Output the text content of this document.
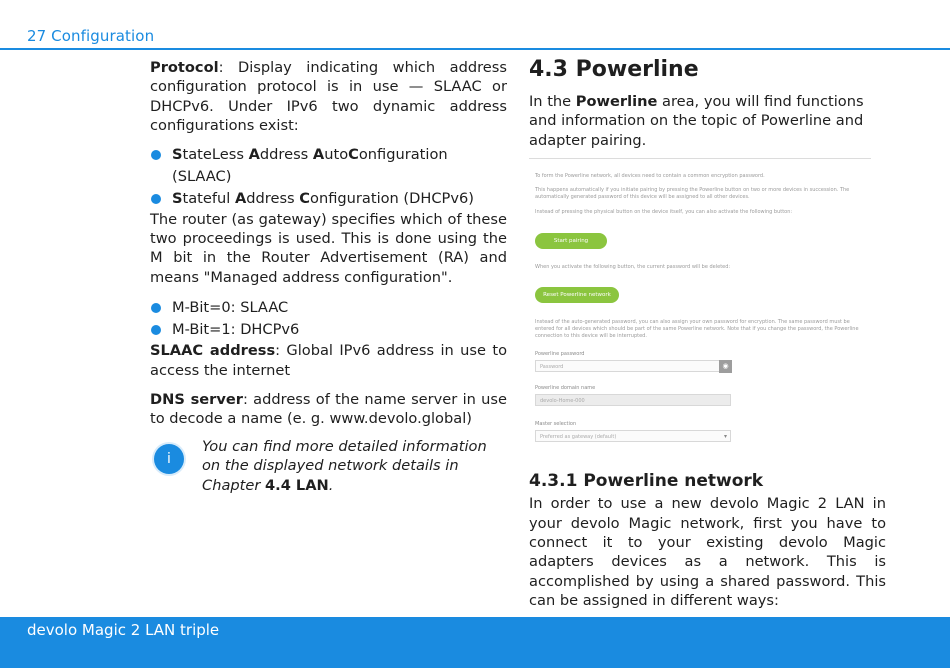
27 Configuration

Protocol: Display indicating which address configuration protocol is in use — SLAAC or DHCPv6. Under IPv6 two dynamic address configurations exist:

StateLess Address AutoConfiguration (SLAAC)
Stateful Address Configuration (DHCPv6)

The router (as gateway) specifies which of these two proceedings is used. This is done using the M bit in the Router Advertisement (RA) and means "Managed address configuration".

M-Bit=0: SLAAC
M-Bit=1: DHCPv6

SLAAC address: Global IPv6 address in use to access the internet

DNS server: address of the name server in use to decode a name (e. g. www.devolo.global)

i

You can find more detailed information on the displayed network details in Chapter 4.4 LAN.

4.3 Powerline

In the Powerline area, you will find functions and information on the topic of Powerline and adapter pairing.

To form the Powerline network, all devices need to contain a common encryption password.
This happens automatically if you initiate pairing by pressing the Powerline button on two or more devices in succession. The
automatically generated password of this device will be assigned to all other devices.
Instead of pressing the physical button on the device itself, you can also activate the following button:
Start pairing
When you activate the following button, the current password will be deleted:
Reset Powerline network
Instead of the auto-generated password, you can also assign your own password for encryption. The same password must be
entered for all devices which should be part of the same Powerline network. Note that if you change the password, the Powerline
connection to this device will be interrupted.
Powerline password
Password	◉
Powerline domain name
devolo-Home-000
Master selection
Preferred as gateway (default)	▾
4.3.1 Powerline network

In order to use a new devolo Magic 2 LAN in your devolo Magic network, first you have to connect it to your existing devolo Magic adapters devices as a network. This is accomplished by using a shared password. This can be assigned in different ways:

devolo Magic 2 LAN triple
